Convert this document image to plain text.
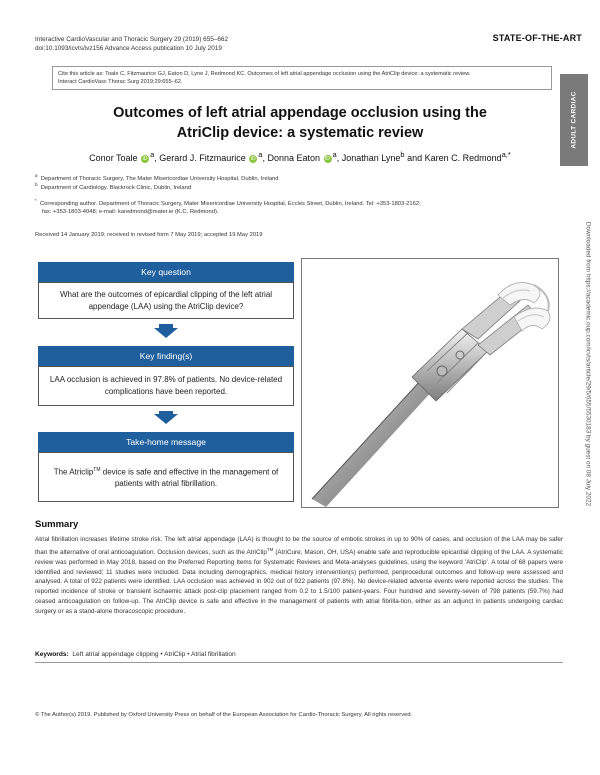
Interactive CardioVascular and Thoracic Surgery 29 (2019) 655–662
doi:10.1093/icvts/ivz156 Advance Access publication 10 July 2019
STATE-OF-THE-ART
Cite this article as: Toale C, Fitzmaurice GJ, Eaton D, Lyne J, Redmond KC. Outcomes of left atrial appendage occlusion using the AtriClip device: a systematic review.
Interact CardioVasc Thorac Surg 2019;29:655–62.
ADULT CARDIAC
Downloaded from https://academic.oup.com/icvts/article/29/5/655/5530183 by guest on 08 July 2022
Outcomes of left atrial appendage occlusion using the
AtriClip device: a systematic review
Conor Toale iD $^a$, Gerard J. Fitzmaurice iD $^a$, Donna Eaton iD $^a$, Jonathan Lyne$^b$ and Karen C. Redmond$^{a,*}$
$^a$  Department of Thoracic Surgery, The Mater Misericordiae University Hospital, Dublin, Ireland
$^b$  Department of Cardiology, Blackrock Clinic, Dublin, Ireland
*  Corresponding author. Department of Thoracic Surgery, Mater Misericordiae University Hospital, Eccles Street, Dublin, Ireland. Tel: +353-1803-2162;
fax: +353-1803-4048; e-mail: karedmond@mater.ie (K.C. Redmond).
Received 14 January 2019; received in revised form 7 May 2019; accepted 19 May 2019
Key question
What are the outcomes of epicardial clipping of the left atrial appendage (LAA) using the AtriClip device?
Key finding(s)
LAA occlusion is achieved in 97.8% of patients. No device-related complications have been reported.
Take-home message
The Atriclip™ device is safe and effective in the management of patients with atrial fibrillation.
Summary
Atrial fibrillation increases lifetime stroke risk. The left atrial appendage (LAA) is thought to be the source of embolic strokes in up to 90% of cases, and occlusion of the LAA may be safer than the alternative of oral anticoagulation. Occlusion devices, such as the AtriClip™ (AtriCure, Mason, OH, USA) enable safe and reproducible epicardial clipping of the LAA. A systematic review was performed in May 2018, based on the Preferred Reporting Items for Systematic Reviews and Meta-analyses guidelines, using the keyword 'AtriClip'. A total of 68 papers were identified and reviewed; 11 studies were included. Data including demographics, medical history intervention(s) performed, periprocedural outcomes and follow-up were assessed and analysed. A total of 922 patients were identified. LAA occlusion was achieved in 902 out of 922 patients (97.8%). No device-related adverse events were reported across the studies. The reported incidence of stroke or transient ischaemic attack post-clip placement ranged from 0.2 to 1.5/100 patient-years. Four hundred and seventy-seven of 798 patients (59.7%) had ceased anticoagulation on follow-up. The AtriClip device is safe and effective in the management of patients with atrial fibrilla-tion, either as an adjunct in patients undergoing cardiac surgery or as a stand-alone thoracoscopic procedure.
Keywords: Left atrial appendage clipping • AtriClip • Atrial fibrillation
© The Author(s) 2019. Published by Oxford University Press on behalf of the European Association for Cardio-Thoracic Surgery. All rights reserved.
